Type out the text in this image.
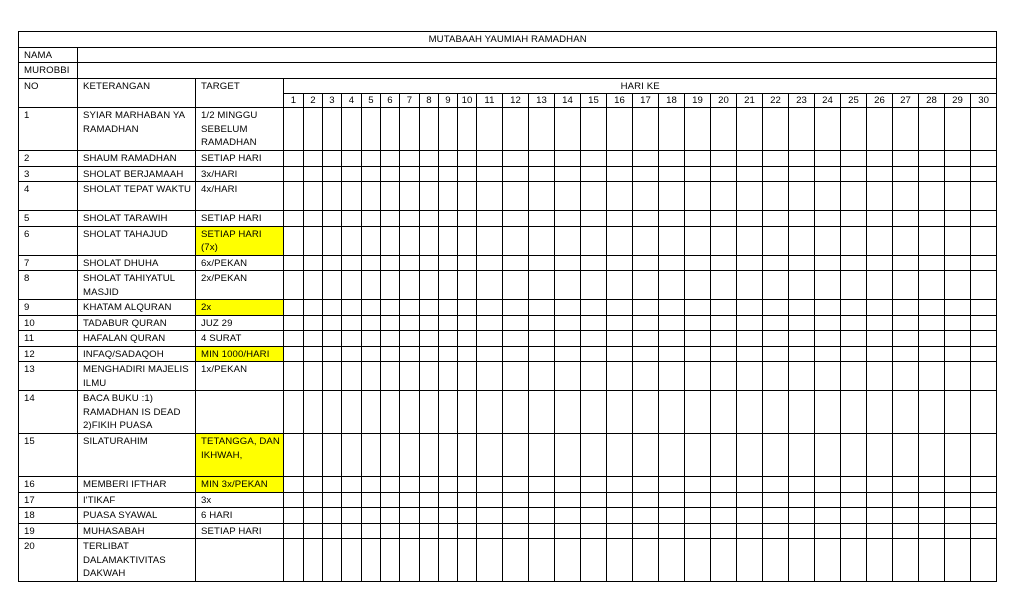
MUTABAAH YAUMIAH RAMADHAN																																
NAMA																																
MUROBBI																																
NO	KETERANGAN	TARGET	HARI KE																													
			1	2	3	4	5	6	7	8	9	10	11	12	13	14	15	16	17	18	19	20	21	22	23	24	25	26	27	28	29	30
1	SYIAR MARHABAN YA RAMADHAN	1/2 MINGGU SEBELUM RAMADHAN																														
2	SHAUM RAMADHAN	SETIAP HARI																														
3	SHOLAT BERJAMAAH	3x/HARI																														
4	SHOLAT TEPAT WAKTU	4x/HARI																														
5	SHOLAT TARAWIH	SETIAP HARI																														
6	SHOLAT TAHAJUD	SETIAP HARI (7x)																														
7	SHOLAT DHUHA	6x/PEKAN																														
8	SHOLAT TAHIYATUL MASJID	2x/PEKAN																														
9	KHATAM ALQURAN	2x																														
10	TADABUR QURAN	JUZ 29																														
11	HAFALAN QURAN	4 SURAT																														
12	INFAQ/SADAQOH	MIN 1000/HARI																														
13	MENGHADIRI MAJELIS ILMU	1x/PEKAN																														
14	BACA BUKU :1) RAMADHAN IS DEAD 2)FIKIH PUASA																															
15	SILATURAHIM	TETANGGA, DAN IKHWAH,																														
16	MEMBERI IFTHAR	MIN 3x/PEKAN																														
17	I'TIKAF	3x																														
18	PUASA SYAWAL	6 HARI																														
19	MUHASABAH	SETIAP HARI																														
20	TERLIBAT DALAMAKTIVITAS DAKWAH																															
